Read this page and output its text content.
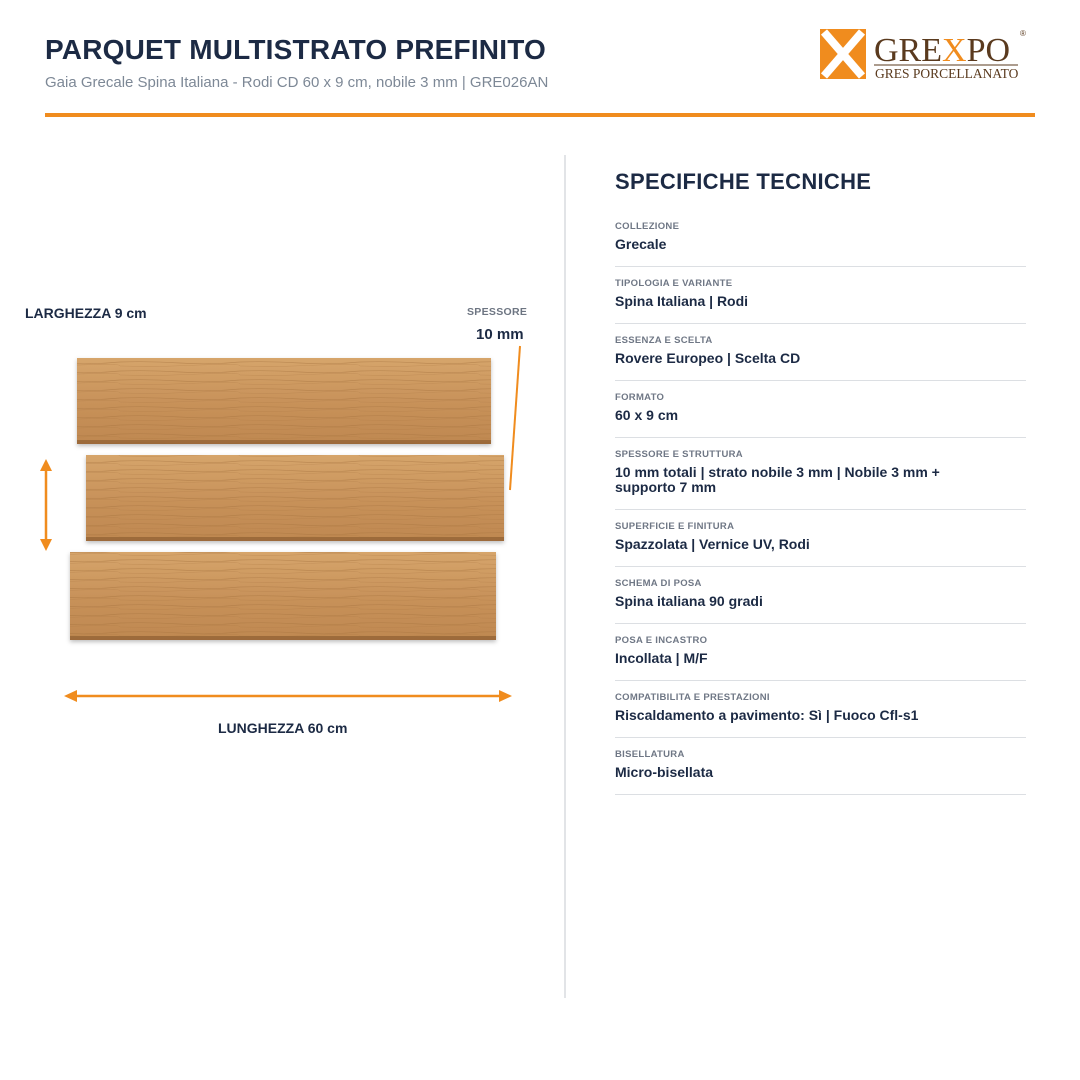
PARQUET MULTISTRATO PREFINITO
Gaia Grecale Spina Italiana - Rodi CD 60 x 9 cm, nobile 3 mm | GRE026AN
GREXPO ®
GRES PORCELLANATO
LARGHEZZA 9 cm	SPESSORE
10 mm
LUNGHEZZA 60 cm
SPECIFICHE TECNICHE
COLLEZIONE
Grecale
TIPOLOGIA E VARIANTE
Spina Italiana | Rodi
ESSENZA E SCELTA
Rovere Europeo | Scelta CD
FORMATO
60 x 9 cm
SPESSORE E STRUTTURA
10 mm totali | strato nobile 3 mm | Nobile 3 mm + supporto 7 mm
SUPERFICIE E FINITURA
Spazzolata | Vernice UV, Rodi
SCHEMA DI POSA
Spina italiana 90 gradi
POSA E INCASTRO
Incollata | M/F
COMPATIBILITA E PRESTAZIONI
Riscaldamento a pavimento: Sì | Fuoco Cfl-s1
BISELLATURA
Micro-bisellata
